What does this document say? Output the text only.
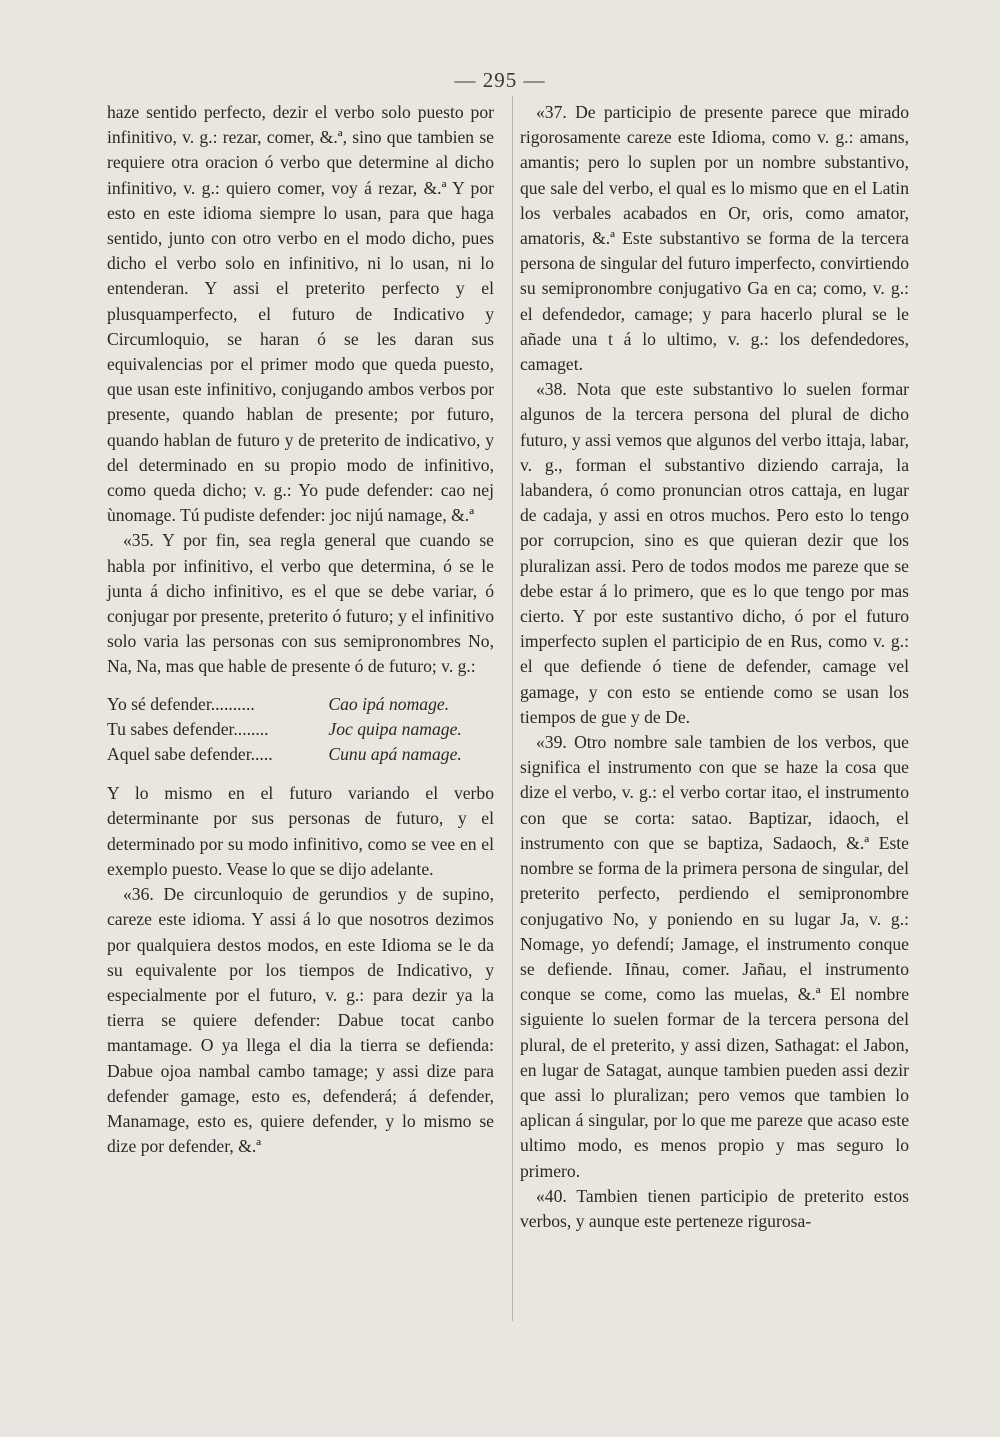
— 295 —

haze sentido perfecto, dezir el verbo solo puesto por infinitivo, v. g.: rezar, comer, &.ª, sino que tambien se requiere otra oracion ó verbo que determine al dicho infinitivo, v. g.: quiero comer, voy á rezar, &.ª Y por esto en este idioma siempre lo usan, para que haga sentido, junto con otro verbo en el modo dicho, pues dicho el verbo solo en infinitivo, ni lo usan, ni lo entenderan. Y assi el preterito perfecto y el plusquamperfecto, el futuro de Indicativo y Circumloquio, se haran ó se les daran sus equivalencias por el primer modo que queda puesto, que usan este infinitivo, conjugando ambos verbos por presente, quando hablan de presente; por futuro, quando hablan de futuro y de preterito de indicativo, y del determinado en su propio modo de infinitivo, como queda dicho; v. g.: Yo pude defender: cao nej ùnomage. Tú pudiste defender: joc nijú namage, &.ª

«35. Y por fin, sea regla general que cuando se habla por infinitivo, el verbo que determina, ó se le junta á dicho infinitivo, es el que se debe variar, ó conjugar por presente, preterito ó futuro; y el infinitivo solo varia las personas con sus semipronombres No, Na, Na, mas que hable de presente ó de futuro; v. g.:

Yo sé defender..........	Cao ipá nomage.
Tu sabes defender........	Joc quipa namage.
Aquel sabe defender.....	Cunu apá namage.

Y lo mismo en el futuro variando el verbo determinante por sus personas de futuro, y el determinado por su modo infinitivo, como se vee en el exemplo puesto. Vease lo que se dijo adelante.

«36. De circunloquio de gerundios y de supino, careze este idioma. Y assi á lo que nosotros dezimos por qualquiera destos modos, en este Idioma se le da su equivalente por los tiempos de Indicativo, y especialmente por el futuro, v. g.: para dezir ya la tierra se quiere defender: Dabue tocat canbo mantamage. O ya llega el dia la tierra se defienda: Dabue ojoa nambal cambo tamage; y assi dize para defender gamage, esto es, defenderá; á defender, Manamage, esto es, quiere defender, y lo mismo se dize por defender, &.ª

«37. De participio de presente parece que mirado rigorosamente careze este Idioma, como v. g.: amans, amantis; pero lo suplen por un nombre substantivo, que sale del verbo, el qual es lo mismo que en el Latin los verbales acabados en Or, oris, como amator, amatoris, &.ª Este substantivo se forma de la tercera persona de singular del futuro imperfecto, convirtiendo su semipronombre conjugativo Ga en ca; como, v. g.: el defendedor, camage; y para hacerlo plural se le añade una t á lo ultimo, v. g.: los defendedores, camaget.

«38. Nota que este substantivo lo suelen formar algunos de la tercera persona del plural de dicho futuro, y assi vemos que algunos del verbo ittaja, labar, v. g., forman el substantivo diziendo carraja, la labandera, ó como pronuncian otros cattaja, en lugar de cadaja, y assi en otros muchos. Pero esto lo tengo por corrupcion, sino es que quieran dezir que los pluralizan assi. Pero de todos modos me pareze que se debe estar á lo primero, que es lo que tengo por mas cierto. Y por este sustantivo dicho, ó por el futuro imperfecto suplen el participio de en Rus, como v. g.: el que defiende ó tiene de defender, camage vel gamage, y con esto se entiende como se usan los tiempos de gue y de De.

«39. Otro nombre sale tambien de los verbos, que significa el instrumento con que se haze la cosa que dize el verbo, v. g.: el verbo cortar itao, el instrumento con que se corta: satao. Baptizar, idaoch, el instrumento con que se baptiza, Sadaoch, &.ª Este nombre se forma de la primera persona de singular, del preterito perfecto, perdiendo el semipronombre conjugativo No, y poniendo en su lugar Ja, v. g.: Nomage, yo defendí; Jamage, el instrumento conque se defiende. Iñnau, comer. Jañau, el instrumento conque se come, como las muelas, &.ª El nombre siguiente lo suelen formar de la tercera persona del plural, de el preterito, y assi dizen, Sathagat: el Jabon, en lugar de Satagat, aunque tambien pueden assi dezir que assi lo pluralizan; pero vemos que tambien lo aplican á singular, por lo que me pareze que acaso este ultimo modo, es menos propio y mas seguro lo primero.

«40. Tambien tienen participio de preterito estos verbos, y aunque este perteneze rigurosa-
